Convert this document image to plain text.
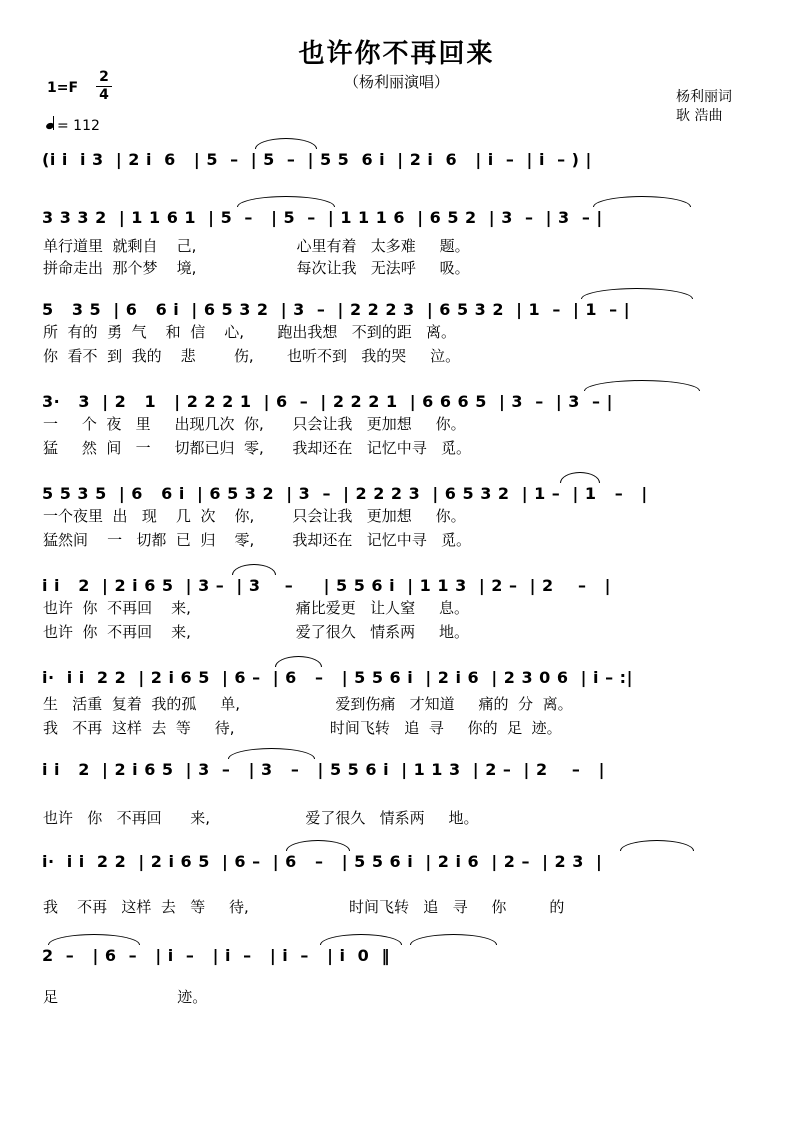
也许你不再回来
（杨利丽演唱）
1=F
2
4
= 112
杨利丽词
耿 浩曲
(i i  i 3  | 2 i  6   | 5  –  | 5  –  | 5 5  6 i  | 2 i  6   | i  –  | i  – ) |
3 3 3 2  | 1 1 6 1  | 5  –   | 5  –  | 1 1 1 6  | 6 5 2  | 3  –  | 3  – |
单行道里  就剩自    己,                     心里有着   太多难     题。
拼命走出  那个梦    境,                     每次让我   无法呼     吸。
5   3 5  | 6   6 i  | 6 5 3 2  | 3  –  | 2 2 2 3  | 6 5 3 2  | 1  –  | 1  – |
所  有的  勇  气    和  信    心,       跑出我想   不到的距   离。
你  看不  到  我的    悲        伤,       也听不到   我的哭     泣。
3·   3  | 2   1   | 2 2 2 1  | 6  –  | 2 2 2 1  | 6 6 6 5  | 3  –  | 3  – |
一     个  夜   里     出现几次  你,      只会让我   更加想     你。
猛     然  间   一     切都已归  零,      我却还在   记忆中寻   觅。
5 5 3 5  | 6   6 i  | 6 5 3 2  | 3  –  | 2 2 2 3  | 6 5 3 2  | 1 –  | 1   –   |
一个夜里  出   现    几  次    你,        只会让我   更加想     你。
猛然间    一   切都  已  归    零,        我却还在   记忆中寻   觅。
i i   2  | 2 i 6 5  | 3 –  | 3    –     | 5 5 6 i  | 1 1 3  | 2 –  | 2    –   |
也许  你  不再回    来,                      痛比爱更   让人窒     息。
也许  你  不再回    来,                      爱了很久   情系两     地。
i·  i i  2 2  | 2 i 6 5  | 6 –  | 6   –   | 5 5 6 i  | 2 i 6  | 2 3 0 6  | i – :|
生   活重  复着  我的孤     单,                    爱到伤痛   才知道     痛的  分  离。
我   不再  这样  去  等     待,                    时间飞转   追  寻     你的  足  迹。
i i   2  | 2 i 6 5  | 3  –   | 3   –   | 5 5 6 i  | 1 1 3  | 2 –  | 2    –   |
也许   你   不再回      来,                    爱了很久   情系两     地。
i·  i i  2 2  | 2 i 6 5  | 6 –  | 6   –   | 5 5 6 i  | 2 i 6  | 2 –  | 2 3  |
我    不再   这样  去   等     待,                     时间飞转   追   寻     你         的
2  –   | 6  –   | i  –   | i  –   | i  –   | i  0  ‖
足                         迹。
